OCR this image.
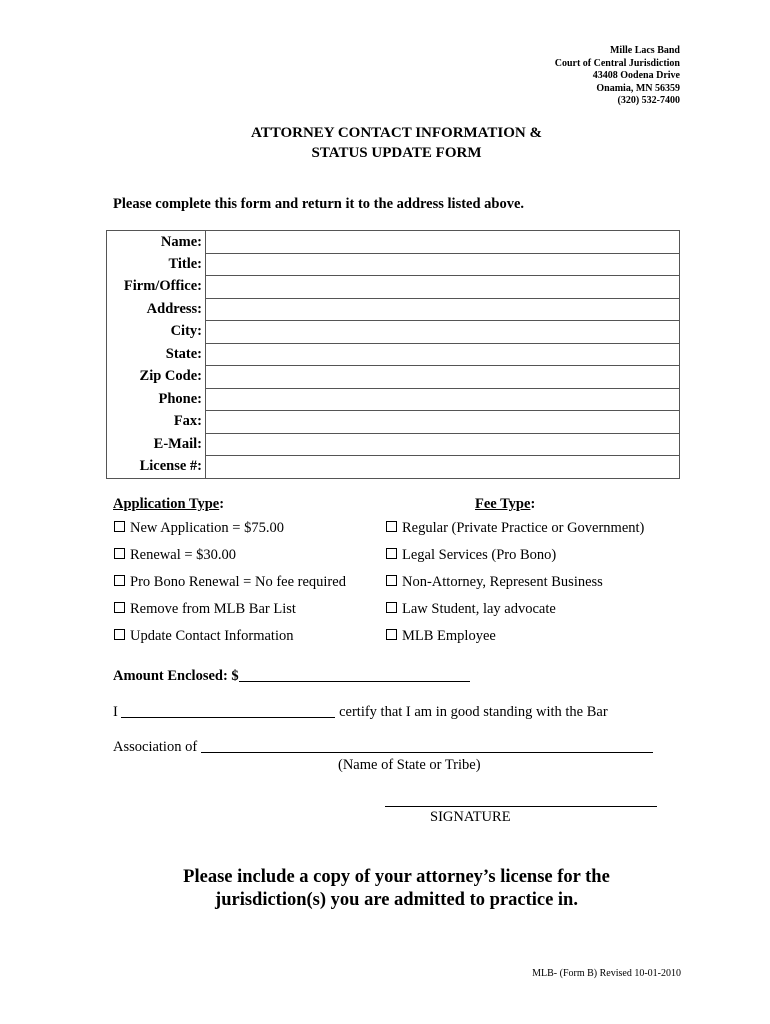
Mille Lacs Band
Court of Central Jurisdiction
43408 Oodena Drive
Onamia, MN 56359
(320) 532-7400
ATTORNEY CONTACT INFORMATION &
STATUS UPDATE FORM
Please complete this form and return it to the address listed above.
Name:	
Title:	
Firm/Office:	
Address:	
City:	
State:	
Zip Code:	
Phone:	
Fax:	
E-Mail:	
License #:	
Application Type:
New Application = $75.00
Renewal = $30.00
Pro Bono Renewal = No fee required
Remove from MLB Bar List
Update Contact Information
Fee Type:
Regular (Private Practice or Government)
Legal Services (Pro Bono)
Non-Attorney, Represent Business
Law Student, lay advocate
MLB Employee
Amount Enclosed: $
I	certify that I am in good standing with the Bar
Association of
(Name of State or Tribe)
SIGNATURE
Please include a copy of your attorney’s license for the
jurisdiction(s) you are admitted to practice in.
MLB- (Form B) Revised 10-01-2010
